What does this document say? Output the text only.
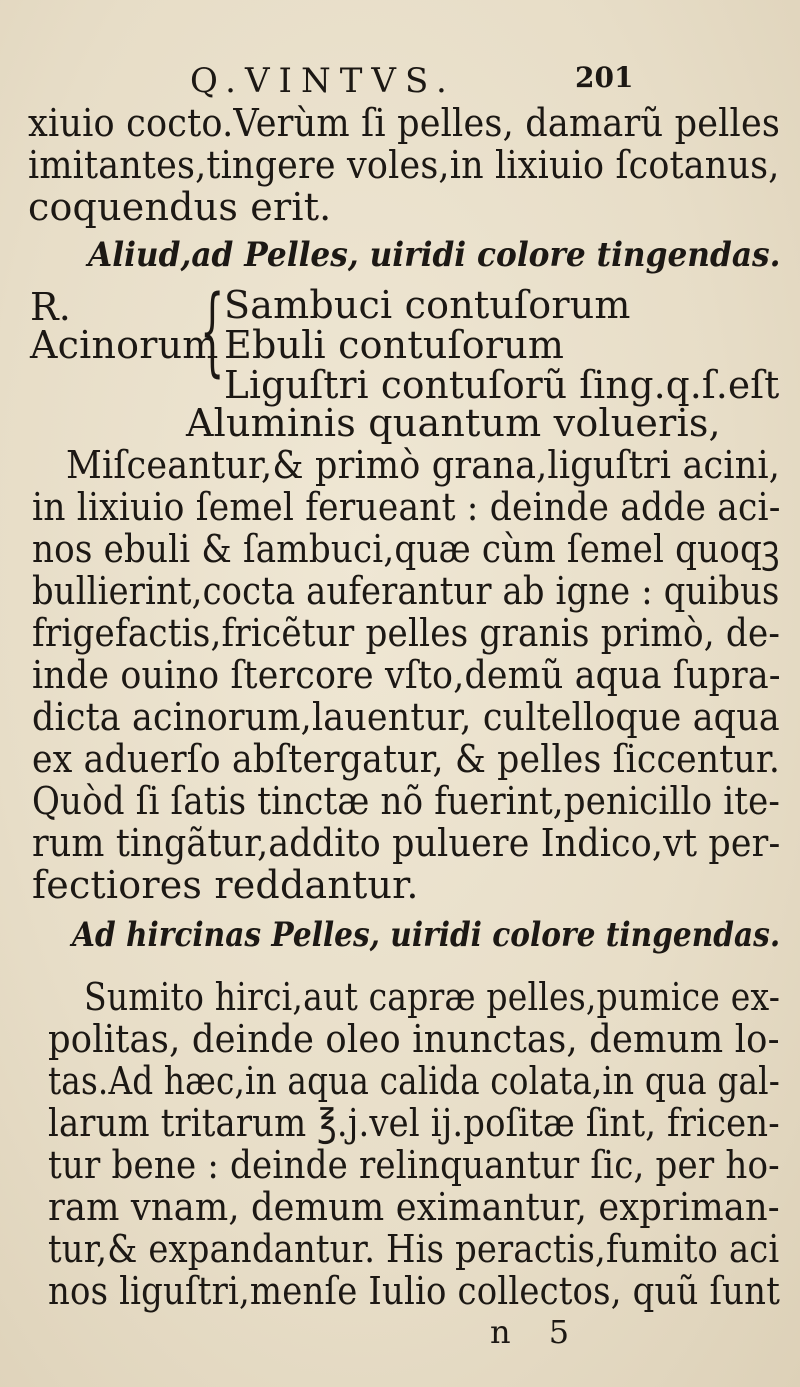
Q.VINTVS.	201
xiuio cocto.Verùm ſi pelles, damarũ pelles
imitantes,tingere voles,in lixiuio ſcotanus,
coquendus erit.
Aliud,ad Pelles, uiridi colore tingendas.
R.
Acinorum
{ Sambuci contuſorum
Ebuli contuſorum
Liguſtri contuſorũ ſing.q.ſ.eſt
Aluminis quantum volueris,
Miſceantur,& primò grana,liguſtri acini,
in lixiuio ſemel ferueant : deinde adde aci-
nos ebuli & ſambuci,quæ cùm ſemel quoqꝫ
bullierint,cocta auferantur ab igne : quibus
frigefactis,fricẽtur pelles granis primò, de-
inde ouino ſtercore vſto,demũ aqua ſupra-
dicta acinorum,lauentur, cultelloque aqua
ex aduerſo abſtergatur, & pelles ſiccentur.
Quòd ſi ſatis tinctæ nõ fuerint,penicillo ite-
rum tingãtur,addito puluere Indico,vt per-
fectiores reddantur.
Ad hircinas Pelles, uiridi colore tingendas.
Sumito hirci,aut capræ pelles,pumice ex-
politas, deinde oleo inunctas, demum lo-
tas.Ad hæc,in aqua calida colata,in qua gal-
larum tritarum ℥.j.vel ij.poſitæ ſint, fricen-
tur bene : deinde relinquantur ſic, per ho-
ram vnam, demum eximantur, expriman-
tur,& expandantur. His peractis,fumito aci
nos liguſtri,menſe Iulio collectos, quũ ſunt
n 5
